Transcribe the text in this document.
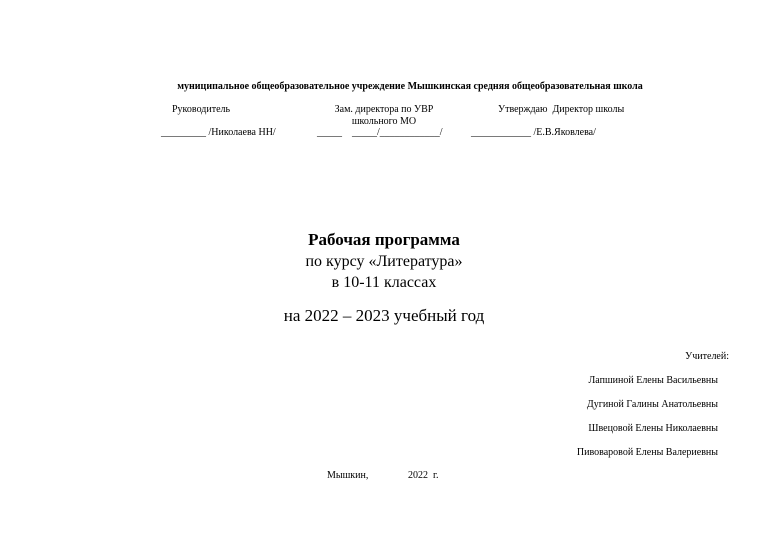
муниципальное общеобразовательное учреждение Мышкинская средняя общеобразовательная школа
Руководитель
_________ /Николаева НН/
Зам. директора по УВР
школьного МО
_____    _____/____________/
Утверждаю  Директор школы
____________ /Е.В.Яковлева/
Рабочая программа
по курсу «Литература»
в 10-11 классах
на 2022 – 2023 учебный год
Учителей:
Лапшиной Елены Васильевны
Дугиной Галины Анатольевны
Швецовой Елены Николаевны
Пивоваровой Елены Валериевны
Мышкин,	2022  г.
